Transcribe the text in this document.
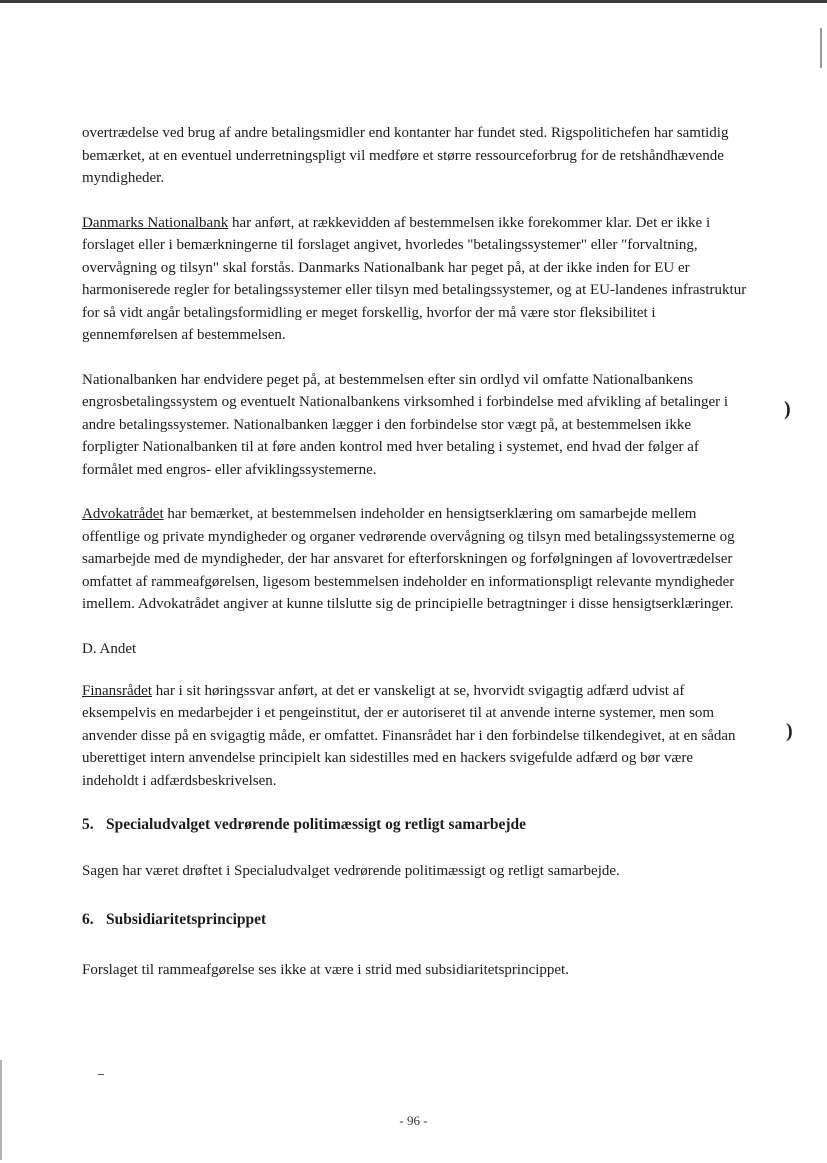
overtrædelse ved brug af andre betalingsmidler end kontanter har fundet sted. Rigspolitichefen har samtidig bemærket, at en eventuel underretningspligt vil medføre et større ressourceforbrug for de retshåndhævende myndigheder.

Danmarks Nationalbank har anført, at rækkevidden af bestemmelsen ikke forekommer klar. Det er ikke i forslaget eller i bemærkningerne til forslaget angivet, hvorledes "betalingssystemer" eller "forvaltning, overvågning og tilsyn" skal forstås. Danmarks Nationalbank har peget på, at der ikke inden for EU er harmoniserede regler for betalingssystemer eller tilsyn med betalingssystemer, og at EU-landenes infrastruktur for så vidt angår betalingsformidling er meget forskellig, hvorfor der må være stor fleksibilitet i gennemførelsen af bestemmelsen.

Nationalbanken har endvidere peget på, at bestemmelsen efter sin ordlyd vil omfatte Nationalbankens engrosbetalingssystem og eventuelt Nationalbankens virksomhed i forbindelse med afvikling af betalinger i andre betalingssystemer. Nationalbanken lægger i den forbindelse stor vægt på, at bestemmelsen ikke forpligter Nationalbanken til at føre anden kontrol med hver betaling i systemet, end hvad der følger af formålet med engros- eller afviklingssystemerne.

Advokatrådet har bemærket, at bestemmelsen indeholder en hensigtserklæring om samarbejde mellem offentlige og private myndigheder og organer vedrørende overvågning og tilsyn med betalingssystemerne og samarbejde med de myndigheder, der har ansvaret for efterforskningen og forfølgningen af lovovertrædelser omfattet af rammeafgørelsen, ligesom bestemmelsen indeholder en informationspligt relevante myndigheder imellem. Advokatrådet angiver at kunne tilslutte sig de principielle betragtninger i disse hensigtserklæringer.

D. Andet

Finansrådet har i sit høringssvar anført, at det er vanskeligt at se, hvorvidt svigagtig adfærd udvist af eksempelvis en medarbejder i et pengeinstitut, der er autoriseret til at anvende interne systemer, men som anvender disse på en svigagtig måde, er omfattet. Finansrådet har i den forbindelse tilkendegivet, at en sådan uberettiget intern anvendelse principielt kan sidestilles med en hackers svigefulde adfærd og bør være indeholdt i adfærdsbeskrivelsen.

5. Specialudvalget vedrørende politimæssigt og retligt samarbejde

Sagen har været drøftet i Specialudvalget vedrørende politimæssigt og retligt samarbejde.

6. Subsidiaritetsprincippet

Forslaget til rammeafgørelse ses ikke at være i strid med subsidiaritetsprincippet.

)
)
- 96 -
